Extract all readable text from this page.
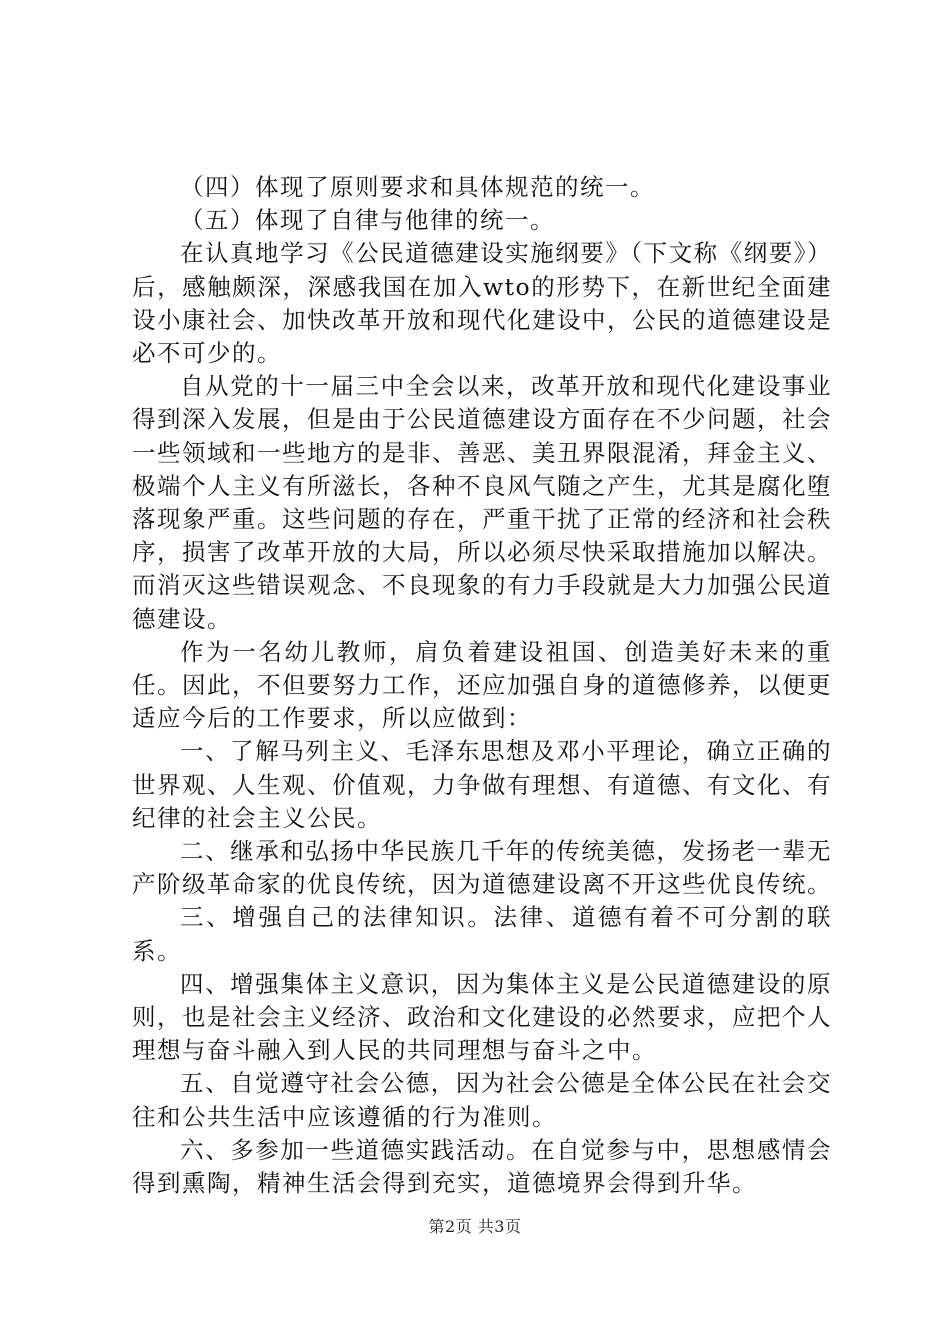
（四）体现了原则要求和具体规范的统一。

（五）体现了自律与他律的统一。

在认真地学习《公民道德建设实施纲要》（下文称《纲要》）后，感触颇深，深感我国在加入wto的形势下，在新世纪全面建设小康社会、加快改革开放和现代化建设中，公民的道德建设是必不可少的。

自从党的十一届三中全会以来，改革开放和现代化建设事业得到深入发展，但是由于公民道德建设方面存在不少问题，社会一些领域和一些地方的是非、善恶、美丑界限混淆，拜金主义、极端个人主义有所滋长，各种不良风气随之产生，尤其是腐化堕落现象严重。这些问题的存在，严重干扰了正常的经济和社会秩序，损害了改革开放的大局，所以必须尽快采取措施加以解决。而消灭这些错误观念、不良现象的有力手段就是大力加强公民道德建设。

作为一名幼儿教师，肩负着建设祖国、创造美好未来的重任。因此，不但要努力工作，还应加强自身的道德修养，以便更适应今后的工作要求，所以应做到：

一、了解马列主义、毛泽东思想及邓小平理论，确立正确的世界观、人生观、价值观，力争做有理想、有道德、有文化、有纪律的社会主义公民。

二、继承和弘扬中华民族几千年的传统美德，发扬老一辈无产阶级革命家的优良传统，因为道德建设离不开这些优良传统。

三、增强自己的法律知识。法律、道德有着不可分割的联系。

四、增强集体主义意识，因为集体主义是公民道德建设的原则，也是社会主义经济、政治和文化建设的必然要求，应把个人理想与奋斗融入到人民的共同理想与奋斗之中。

五、自觉遵守社会公德，因为社会公德是全体公民在社会交往和公共生活中应该遵循的行为准则。

六、多参加一些道德实践活动。在自觉参与中，思想感情会得到熏陶，精神生活会得到充实，道德境界会得到升华。

第2页 共3页
